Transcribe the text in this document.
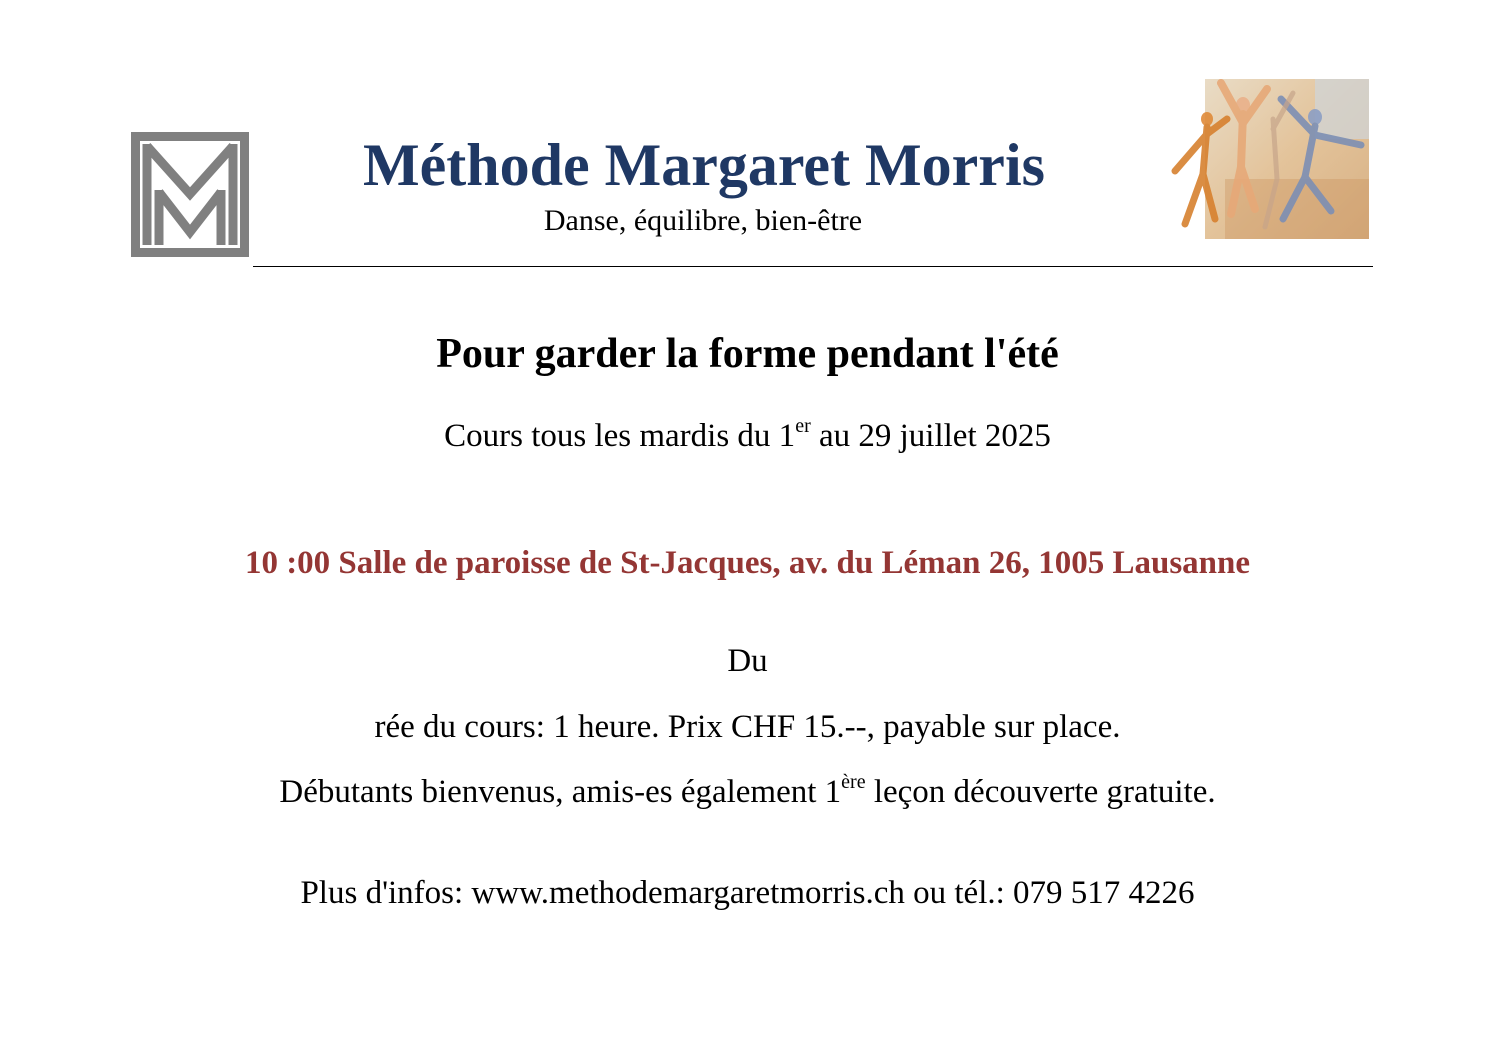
Méthode Margaret Morris
Danse, équilibre, bien-être
Pour garder la forme pendant l'été
Cours tous les mardis du 1er au 29 juillet 2025
10 :00 Salle de paroisse de St-Jacques, av. du Léman 26, 1005 Lausanne
Du
rée du cours: 1 heure. Prix CHF 15.--, payable sur place.
Débutants bienvenus, amis-es également 1ère leçon découverte gratuite.
Plus d'infos: www.methodemargaretmorris.ch ou tél.: 079 517 4226
